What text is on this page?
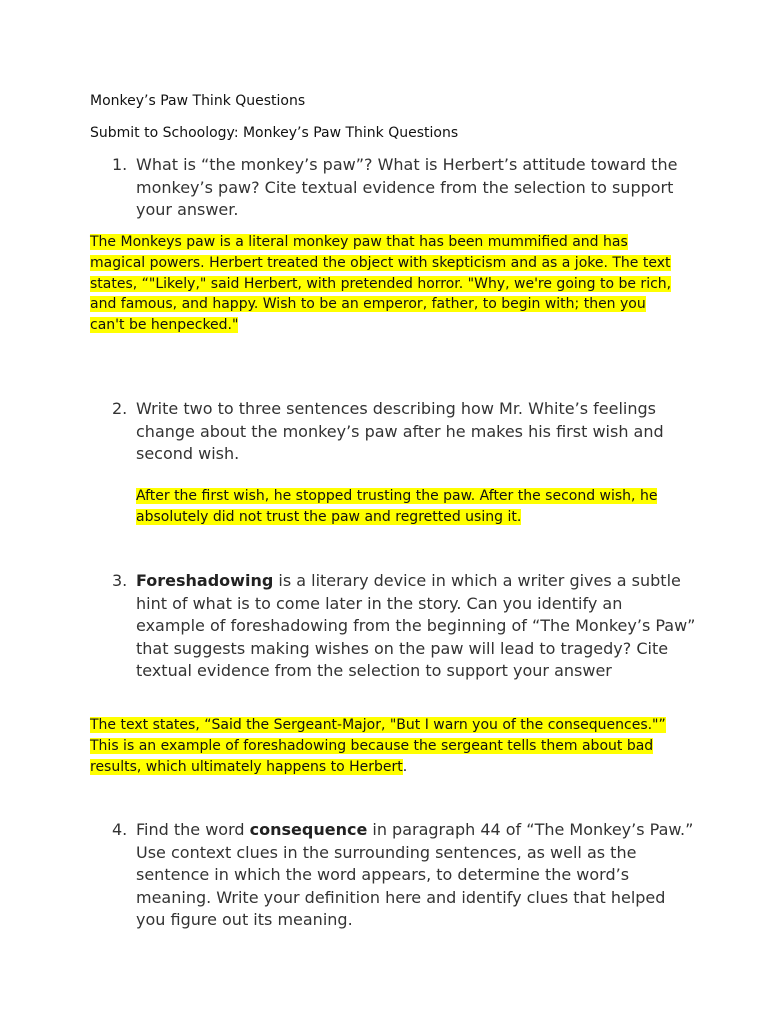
Monkey’s Paw Think Questions
Submit to Schoology: Monkey’s Paw Think Questions
1. What is “the monkey’s paw”? What is Herbert’s attitude toward the monkey’s paw? Cite textual evidence from the selection to support your answer.
The Monkeys paw is a literal monkey paw that has been mummified and has magical powers. Herbert treated the object with skepticism and as a joke. The text states, “"Likely," said Herbert, with pretended horror. "Why, we're going to be rich, and famous, and happy. Wish to be an emperor, father, to begin with; then you can't be henpecked."
2. Write two to three sentences describing how Mr. White’s feelings change about the monkey’s paw after he makes his first wish and second wish.
After the first wish, he stopped trusting the paw. After the second wish, he absolutely did not trust the paw and regretted using it.
3. Foreshadowing is a literary device in which a writer gives a subtle hint of what is to come later in the story. Can you identify an example of foreshadowing from the beginning of “The Monkey’s Paw” that suggests making wishes on the paw will lead to tragedy? Cite textual evidence from the selection to support your answer
The text states, “Said the Sergeant-Major, "But I warn you of the consequences."” This is an example of foreshadowing because the sergeant tells them about bad results, which ultimately happens to Herbert.
4. Find the word consequence in paragraph 44 of “The Monkey’s Paw.” Use context clues in the surrounding sentences, as well as the sentence in which the word appears, to determine the word’s meaning. Write your definition here and identify clues that helped you figure out its meaning.
